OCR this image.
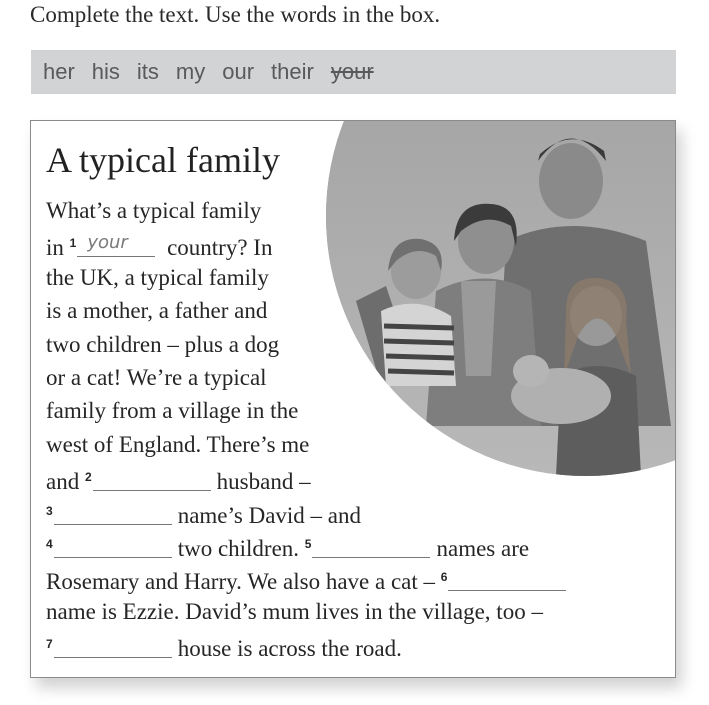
Complete the text. Use the words in the box.
her his its my our their your
A typical family
What’s a typical family
in $^1$ your country? In
the UK, a typical family
is a mother, a father and
two children – plus a dog
or a cat! We’re a typical
family from a village in the
west of England. There’s me
and $^2$	husband –
$^3$	name’s David – and
$^4$	two children. $^5$	names are
Rosemary and Harry. We also have a cat – $^6$
name is Ezzie. David’s mum lives in the village, too –
$^7$	house is across the road.
